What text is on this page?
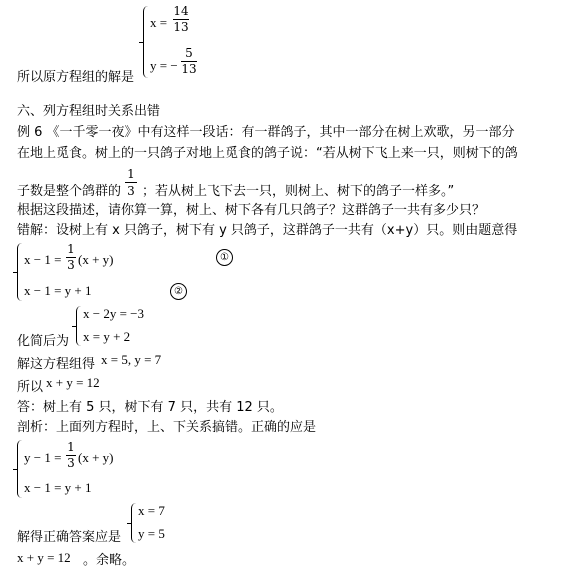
x =
14
13
y = −
5
13
所以原方程组的解是
六、列方程组时关系出错
例 6 《一千零一夜》中有这样一段话：有一群鸽子，其中一部分在树上欢歌，另一部分
在地上觅食。树上的一只鸽子对地上觅食的鸽子说：“若从树下飞上来一只，则树下的鸽
1
3
子数是整个鸽群的 ；若从树上飞下去一只，则树上、树下的鸽子一样多。”
根据这段描述，请你算一算，树上、树下各有几只鸽子？这群鸽子一共有多少只？
错解：设树上有 x 只鸽子，树下有 y 只鸽子，这群鸽子一共有（x+y）只。则由题意得
x − 1 =
1
3 (x + y)
x − 1 = y + 1
①
②
x − 2y = −3
x = y + 2
化简后为
解这方程组得 x = 5, y = 7
所以 x + y = 12
答：树上有 5 只，树下有 7 只，共有 12 只。
剖析：上面列方程时，上、下关系搞错。正确的应是
y − 1 =
1
3 (x + y)
x − 1 = y + 1
x = 7
y = 5
解得正确答案应是
x + y = 12 。余略。
